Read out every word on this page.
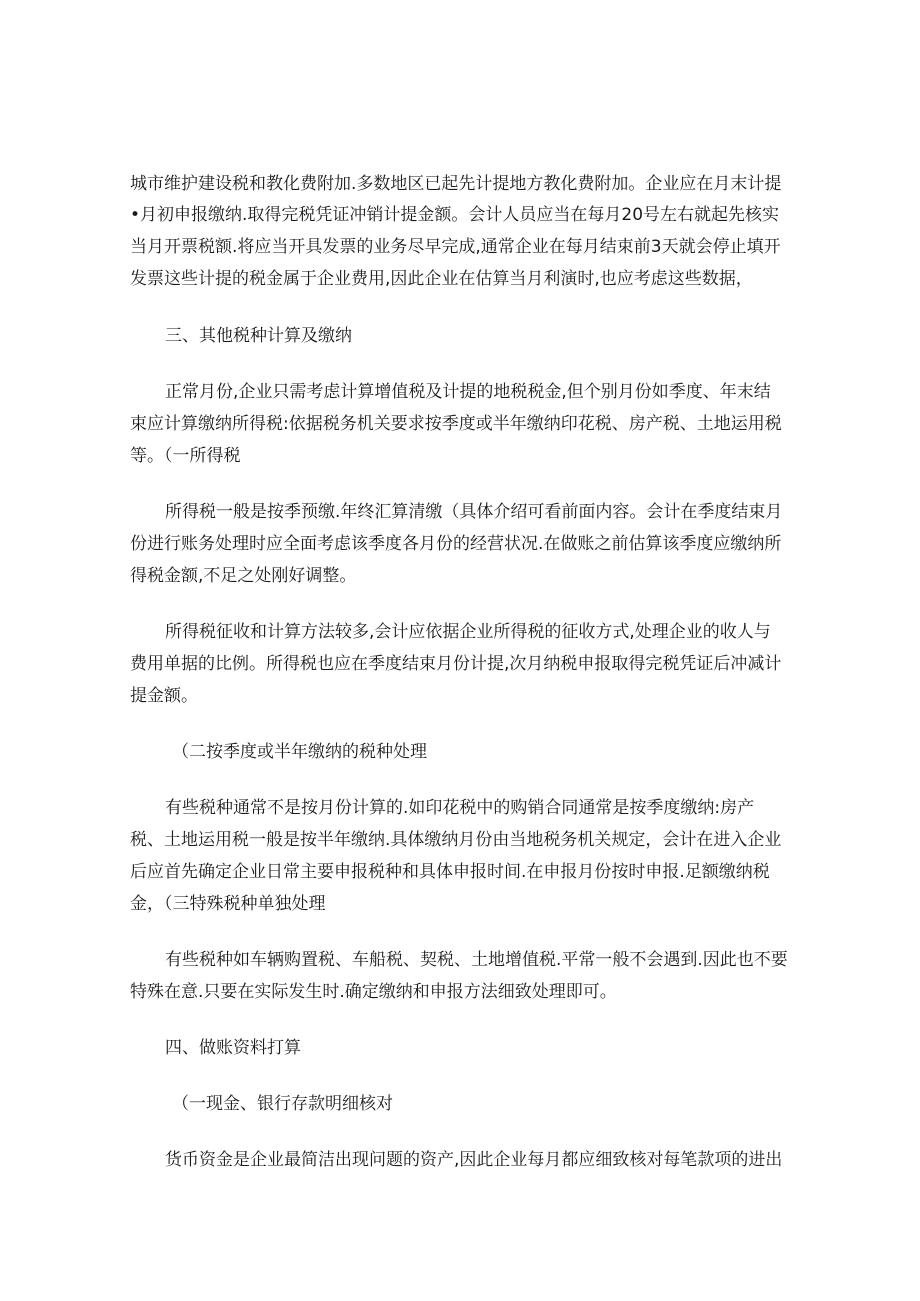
城市维护建设税和教化费附加.多数地区已起先计提地方教化费附加。企业应在月末计提
•月初申报缴纳.取得完税凭证冲销计提金额。会计人员应当在每月20号左右就起先核实
当月开票税额.将应当开具发票的业务尽早完成,通常企业在每月结束前3天就会停止填开
发票这些计提的税金属于企业费用,因此企业在估算当月利演时,也应考虑这些数据，
三、其他税种计算及缴纳
正常月份,企业只需考虑计算增值税及计提的地税税金,但个别月份如季度、年末结
束应计算缴纳所得税:依据税务机关要求按季度或半年缴纳印花税、房产税、土地运用税
等。（一所得税
所得税一般是按季预缴.年终汇算清缴（具体介绍可看前面内容。会计在季度结束月
份进行账务处理时应全面考虑该季度各月份的经营状况.在做账之前估算该季度应缴纳所
得税金额,不足之处刚好调整。
所得税征收和计算方法较多,会计应依据企业所得税的征收方式,处理企业的收人与
费用单据的比例。所得税也应在季度结束月份计提,次月纳税申报取得完税凭证后冲减计
提金额。
（二按季度或半年缴纳的税种处理
有些税种通常不是按月份计算的.如印花税中的购销合同通常是按季度缴纳:房产
税、土地运用税一般是按半年缴纳.具体缴纳月份由当地税务机关规定，会计在进入企业
后应首先确定企业日常主要申报税种和具体申报时间.在申报月份按时申报.足额缴纳税
金，（三特殊税种单独处理
有些税种如车辆购置税、车船税、契税、土地增值税.平常一般不会遇到.因此也不要
特殊在意.只要在实际发生时.确定缴纳和申报方法细致处理即可。
四、做账资料打算
（一现金、银行存款明细核对
货币资金是企业最简洁出现问题的资产,因此企业每月都应细致核对每笔款项的进出
